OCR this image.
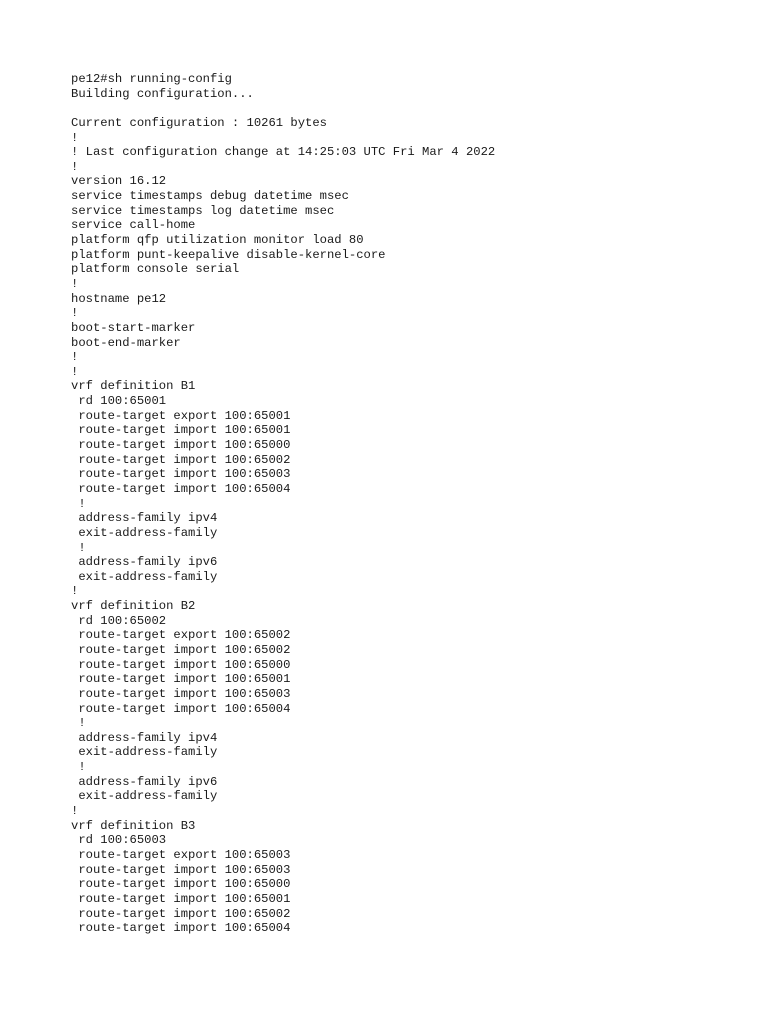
pe12#sh running-config
Building configuration...
Current configuration : 10261 bytes
!
! Last configuration change at 14:25:03 UTC Fri Mar 4 2022
!
version 16.12
service timestamps debug datetime msec
service timestamps log datetime msec
service call-home
platform qfp utilization monitor load 80
platform punt-keepalive disable-kernel-core
platform console serial
!
hostname pe12
!
boot-start-marker
boot-end-marker
!
!
vrf definition B1
rd 100:65001
route-target export 100:65001
route-target import 100:65001
route-target import 100:65000
route-target import 100:65002
route-target import 100:65003
route-target import 100:65004
!
address-family ipv4
exit-address-family
!
address-family ipv6
exit-address-family
!
vrf definition B2
rd 100:65002
route-target export 100:65002
route-target import 100:65002
route-target import 100:65000
route-target import 100:65001
route-target import 100:65003
route-target import 100:65004
!
address-family ipv4
exit-address-family
!
address-family ipv6
exit-address-family
!
vrf definition B3
rd 100:65003
route-target export 100:65003
route-target import 100:65003
route-target import 100:65000
route-target import 100:65001
route-target import 100:65002
route-target import 100:65004
